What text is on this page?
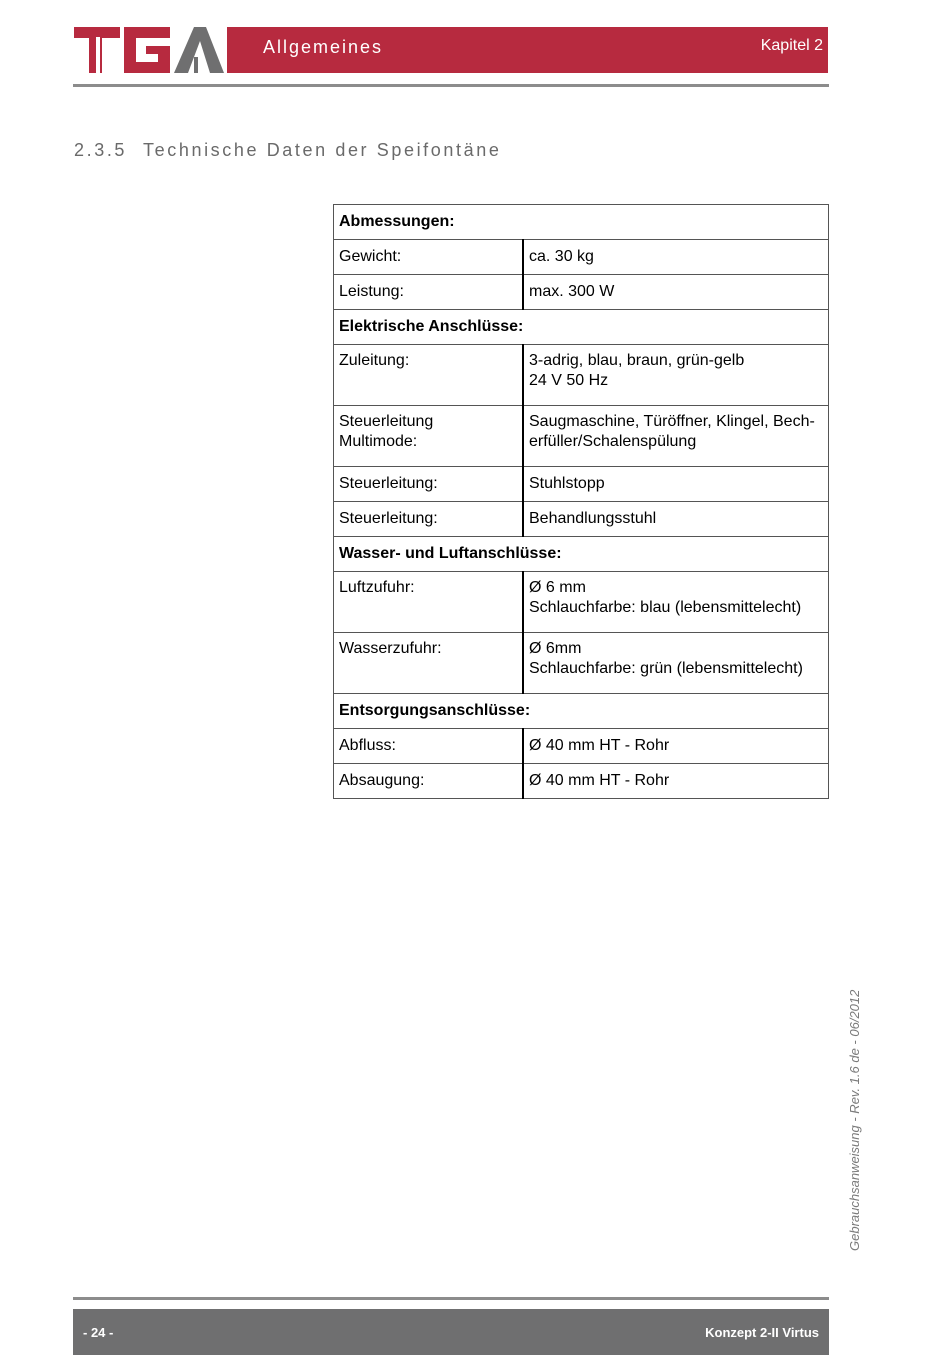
Allgemeines	Kapitel 2
2.3.5 Technische Daten der Speifontäne
Abmessungen:	

Gewicht:	ca. 30 kg

Leistung:	max. 300 W

Elektrische Anschlüsse:	

Zuleitung:	3-adrig, blau, braun, grün-gelb
24 V 50 Hz

Steuerleitung
Multimode:	Saugmaschine, Türöffner, Klingel, Bech-
erfüller/Schalenspülung

Steuerleitung:	Stuhlstopp

Steuerleitung:	Behandlungsstuhl

Wasser- und Luftanschlüsse:	

Luftzufuhr:	Ø 6 mm
Schlauchfarbe: blau (lebensmittelecht)

Wasserzufuhr:	Ø 6mm
Schlauchfarbe: grün (lebensmittelecht)

Entsorgungsanschlüsse:	

Abfluss:	Ø 40 mm HT - Rohr

Absaugung:	Ø 40 mm HT - Rohr
Gebrauchsanweisung - Rev. 1.6 de - 06/2012
- 24 -	Konzept 2-II Virtus
